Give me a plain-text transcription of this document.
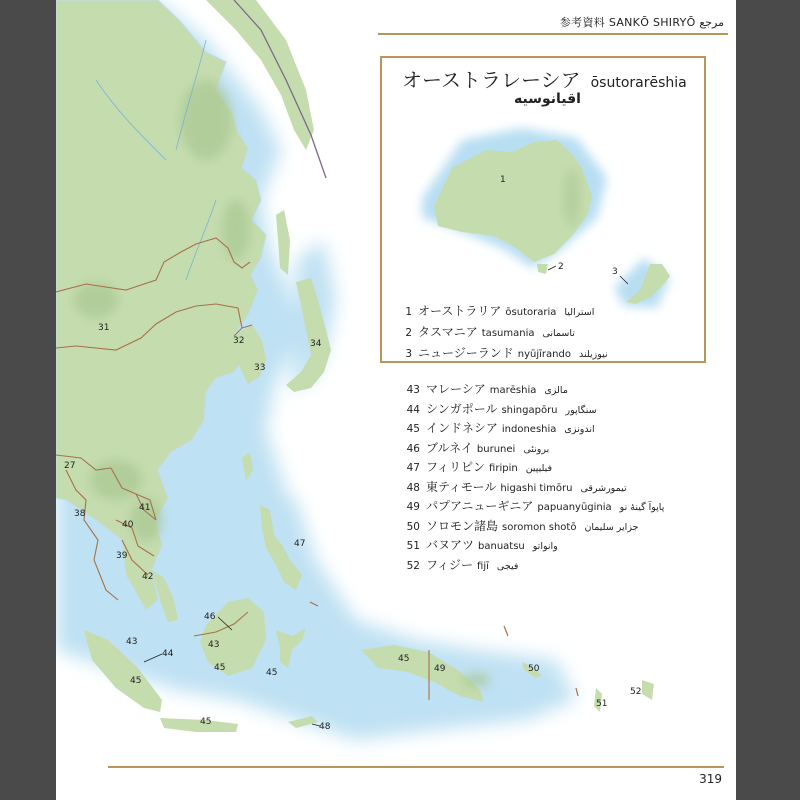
31
32
33
34
27
38
41
40
39
42
47
46
43	43
44
45
45	45
45
45
49	50
51
52
48
参考資料 SANKŌ SHIRYŌ مرجع
1
2	3
オーストラレーシア ōsutorarēshia
اقیانوسیه
1 オーストラリア ōsutoraria استرالیا
2 タスマニア tasumania تاسمانی
3 ニュージーランド nyūjīrando نیوزیلند
43 マレーシア marēshia مالزی
44 シンガポール shingapōru سنگاپور
45 インドネシア indoneshia اندونزی
46 ブルネイ burunei برونئی
47 フィリピン firipin فیلیپین
48 東ティモール higashi timōru تیمورشرقی
49 パプアニューギニア papuanyūginia پاپوآ گینهٔ نو
50 ソロモン諸島 soromon shotō جزایر سلیمان
51 バヌアツ banuatsu وانواتو
52 フィジー fijī فیجی
319
